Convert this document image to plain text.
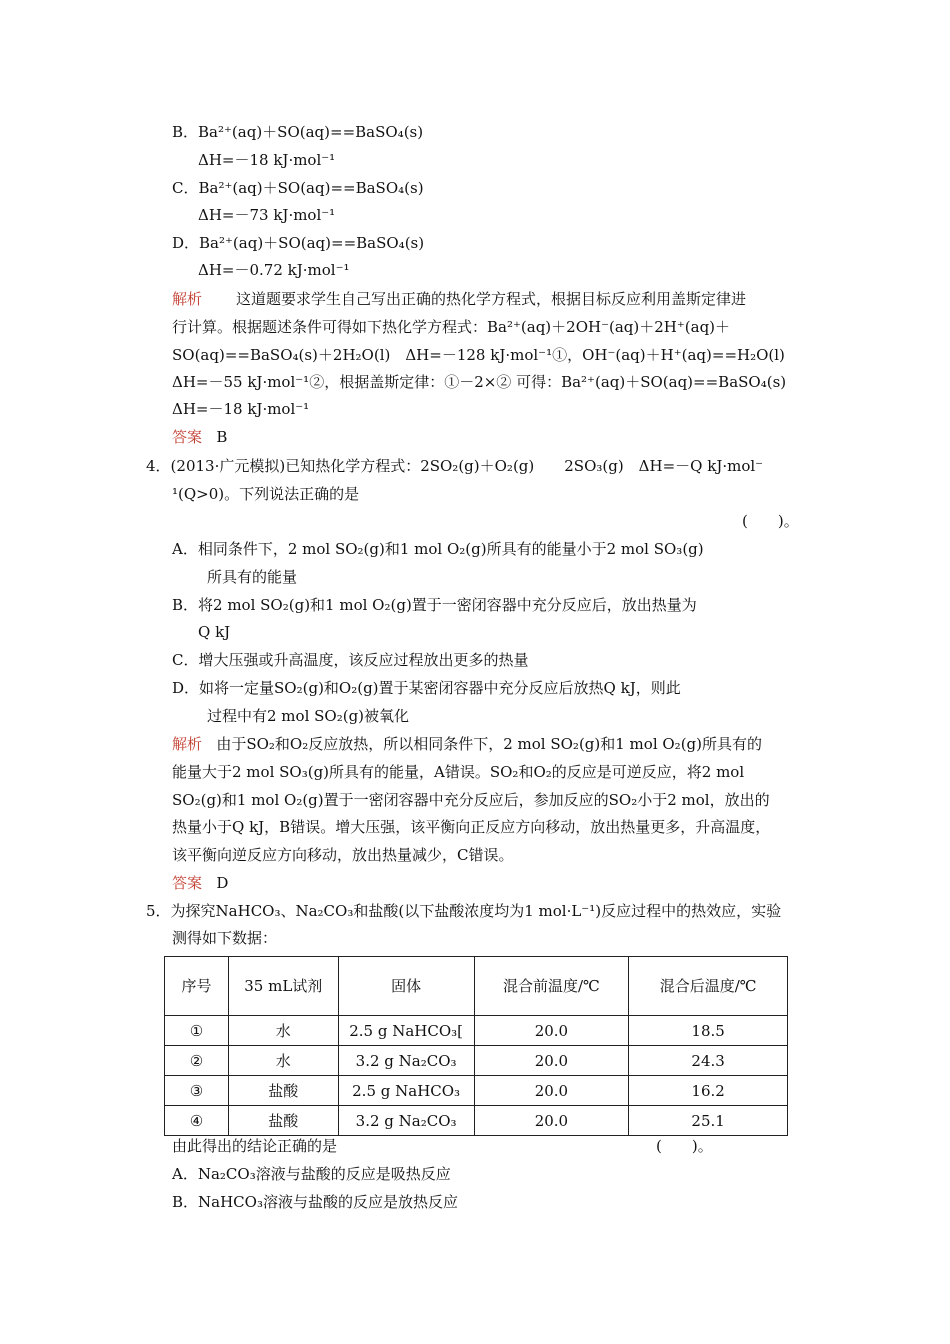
B．Ba²⁺(aq)＋SO(aq)==BaSO₄(s)
ΔH=－18 kJ·mol⁻¹
C．Ba²⁺(aq)＋SO(aq)==BaSO₄(s)
ΔH=－73 kJ·mol⁻¹
D．Ba²⁺(aq)＋SO(aq)==BaSO₄(s)
ΔH=－0.72 kJ·mol⁻¹
解析 这道题要求学生自己写出正确的热化学方程式，根据目标反应利用盖斯定律进
行计算。根据题述条件可得如下热化学方程式：Ba²⁺(aq)＋2OH⁻(aq)＋2H⁺(aq)＋
SO(aq)==BaSO₄(s)＋2H₂O(l)　ΔH=－128 kJ·mol⁻¹①，OH⁻(aq)＋H⁺(aq)==H₂O(l)
ΔH=－55 kJ·mol⁻¹②，根据盖斯定律：①－2×② 可得：Ba²⁺(aq)＋SO(aq)==BaSO₄(s)
ΔH=－18 kJ·mol⁻¹
答案 B
4．(2013·广元模拟)已知热化学方程式：2SO₂(g)＋O₂(g)　　2SO₃(g)　ΔH=－Q kJ·mol⁻
¹(Q>0)。下列说法正确的是
(　　)。
A．相同条件下，2 mol SO₂(g)和1 mol O₂(g)所具有的能量小于2 mol SO₃(g)
所具有的能量
B．将2 mol SO₂(g)和1 mol O₂(g)置于一密闭容器中充分反应后，放出热量为
Q kJ
C．增大压强或升高温度，该反应过程放出更多的热量
D．如将一定量SO₂(g)和O₂(g)置于某密闭容器中充分反应后放热Q kJ，则此
过程中有2 mol SO₂(g)被氧化
解析 由于SO₂和O₂反应放热，所以相同条件下，2 mol SO₂(g)和1 mol O₂(g)所具有的
能量大于2 mol SO₃(g)所具有的能量，A错误。SO₂和O₂的反应是可逆反应，将2 mol
SO₂(g)和1 mol O₂(g)置于一密闭容器中充分反应后，参加反应的SO₂小于2 mol，放出的
热量小于Q kJ，B错误。增大压强，该平衡向正反应方向移动，放出热量更多，升高温度，
该平衡向逆反应方向移动，放出热量减少，C错误。
答案 D
5．为探究NaHCO₃、Na₂CO₃和盐酸(以下盐酸浓度均为1 mol·L⁻¹)反应过程中的热效应，实验
测得如下数据：
序号	35 mL试剂	固体	混合前温度/℃	混合后温度/℃
①	水	2.5 g NaHCO₃[	20.0	18.5
②	水	3.2 g Na₂CO₃	20.0	24.3
③	盐酸	2.5 g NaHCO₃	20.0	16.2
④	盐酸	3.2 g Na₂CO₃	20.0	25.1
由此得出的结论正确的是	(　　)。
A．Na₂CO₃溶液与盐酸的反应是吸热反应
B．NaHCO₃溶液与盐酸的反应是放热反应
